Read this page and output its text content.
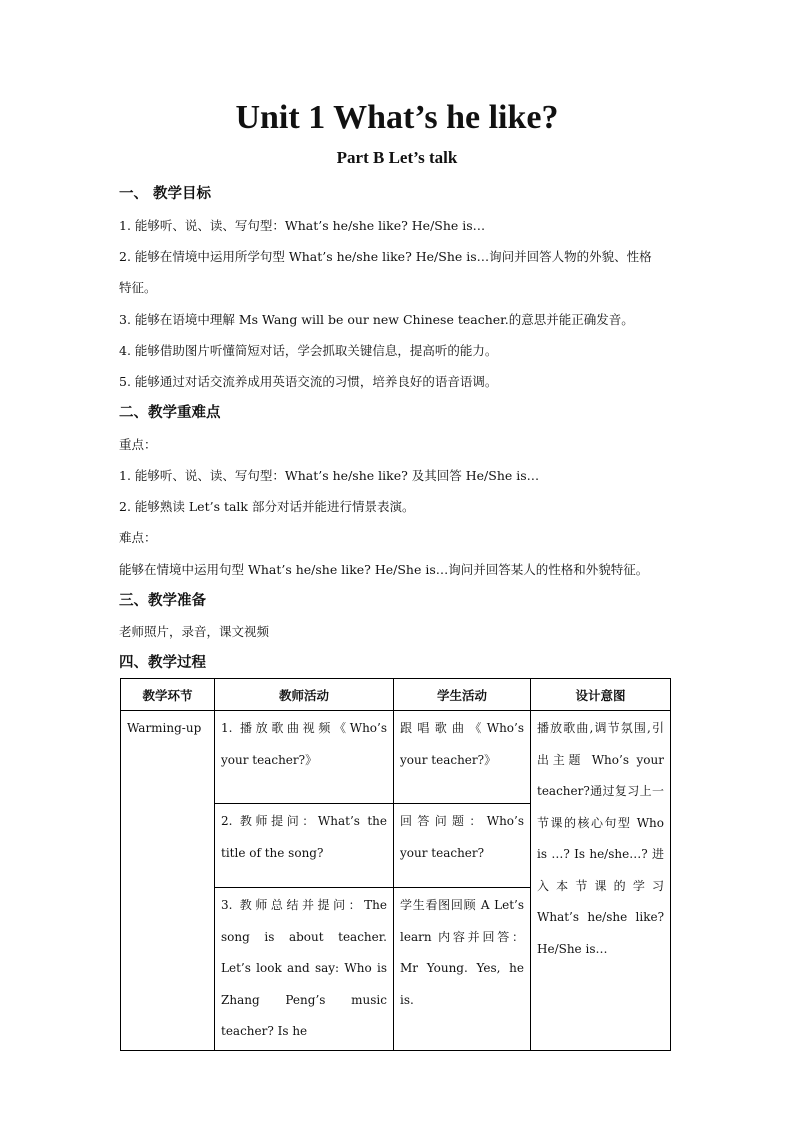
Unit 1 What’s he like?
Part B Let’s talk
一、 教学目标
1. 能够听、说、读、写句型：What’s he/she like? He/She is…
2. 能够在情境中运用所学句型 What’s he/she like? He/She is…询问并回答人物的外貌、性格
特征。
3. 能够在语境中理解 Ms Wang will be our new Chinese teacher.的意思并能正确发音。
4. 能够借助图片听懂简短对话，学会抓取关键信息，提高听的能力。
5. 能够通过对话交流养成用英语交流的习惯，培养良好的语音语调。
二、教学重难点
重点：
1. 能够听、说、读、写句型：What’s he/she like? 及其回答 He/She is…
2. 能够熟读 Let’s talk 部分对话并能进行情景表演。
难点：
能够在情境中运用句型 What’s he/she like? He/She is…询问并回答某人的性格和外貌特征。
三、教学准备
老师照片，录音，课文视频
四、教学过程
教学环节	教师活动	学生活动	设计意图
Warming-up	1. 播放歌曲视频《Who’s your teacher?》	跟唱歌曲《Who’s your teacher?》	播放歌曲,调节氛围,引出主题 Who’s your teacher?通过复习上一节课的核心句型 Who is …? Is he/she…? 进入本节课的学习 What’s he/she like? He/She is…
	2. 教师提问：What’s the title of the song?	回答问题：Who’s your teacher?	
	3. 教师总结并提问：The song is about teacher. Let’s look and say: Who is Zhang Peng’s music teacher? Is he	学生看图回顾 A Let’s learn 内容并回答：Mr Young. Yes, he is.	
